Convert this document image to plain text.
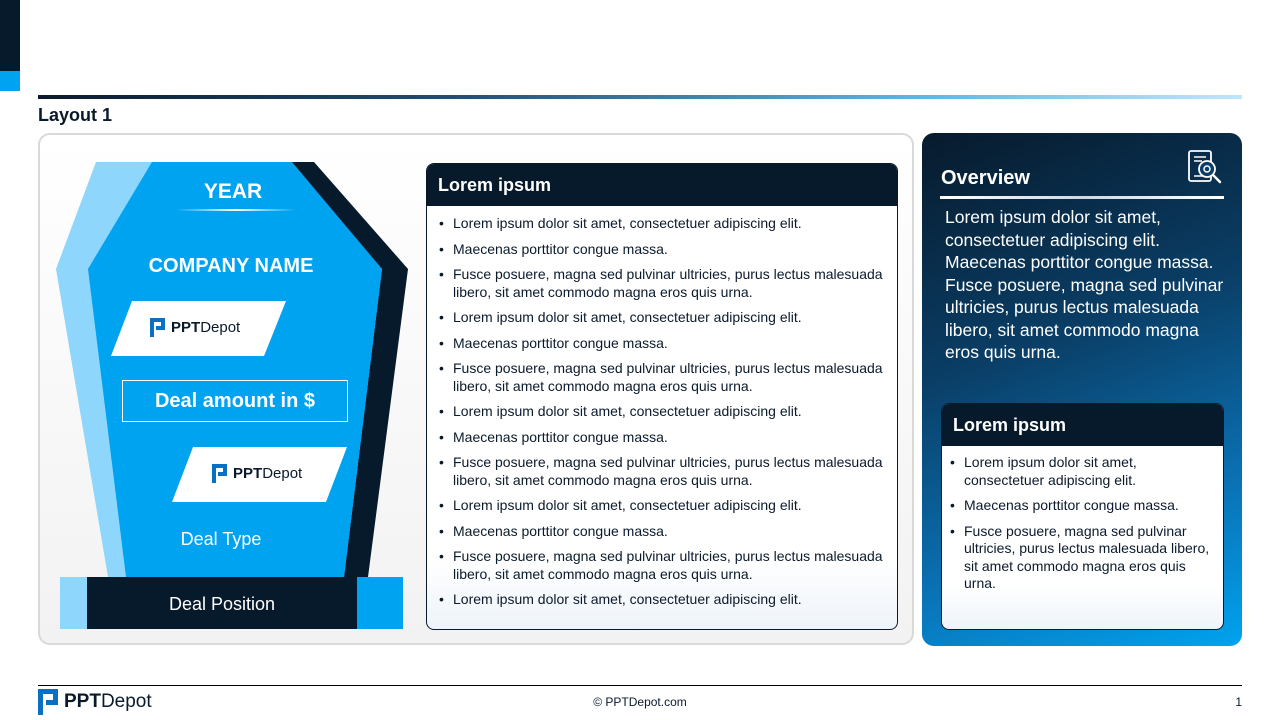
Layout 1
YEAR
COMPANY NAME
PPTDepot
Deal amount in $
PPTDepot
Deal Type
Deal Position
Lorem ipsum
• Lorem ipsum dolor sit amet, consectetuer adipiscing elit.
• Maecenas porttitor congue massa.
• Fusce posuere, magna sed pulvinar ultricies, purus lectus malesuada libero, sit amet commodo magna eros quis urna.
• Lorem ipsum dolor sit amet, consectetuer adipiscing elit.
• Maecenas porttitor congue massa.
• Fusce posuere, magna sed pulvinar ultricies, purus lectus malesuada libero, sit amet commodo magna eros quis urna.
• Lorem ipsum dolor sit amet, consectetuer adipiscing elit.
• Maecenas porttitor congue massa.
• Fusce posuere, magna sed pulvinar ultricies, purus lectus malesuada libero, sit amet commodo magna eros quis urna.
• Lorem ipsum dolor sit amet, consectetuer adipiscing elit.
• Maecenas porttitor congue massa.
• Fusce posuere, magna sed pulvinar ultricies, purus lectus malesuada libero, sit amet commodo magna eros quis urna.
• Lorem ipsum dolor sit amet, consectetuer adipiscing elit.
Overview
Lorem ipsum dolor sit amet, consectetuer adipiscing elit. Maecenas porttitor congue massa. Fusce posuere, magna sed pulvinar ultricies, purus lectus malesuada libero, sit amet commodo magna eros quis urna.
Lorem ipsum
• Lorem ipsum dolor sit amet, consectetuer adipiscing elit.
• Maecenas porttitor congue massa.
• Fusce posuere, magna sed pulvinar ultricies, purus lectus malesuada libero, sit amet commodo magna eros quis urna.
PPTDepot	© PPTDepot.com	1
